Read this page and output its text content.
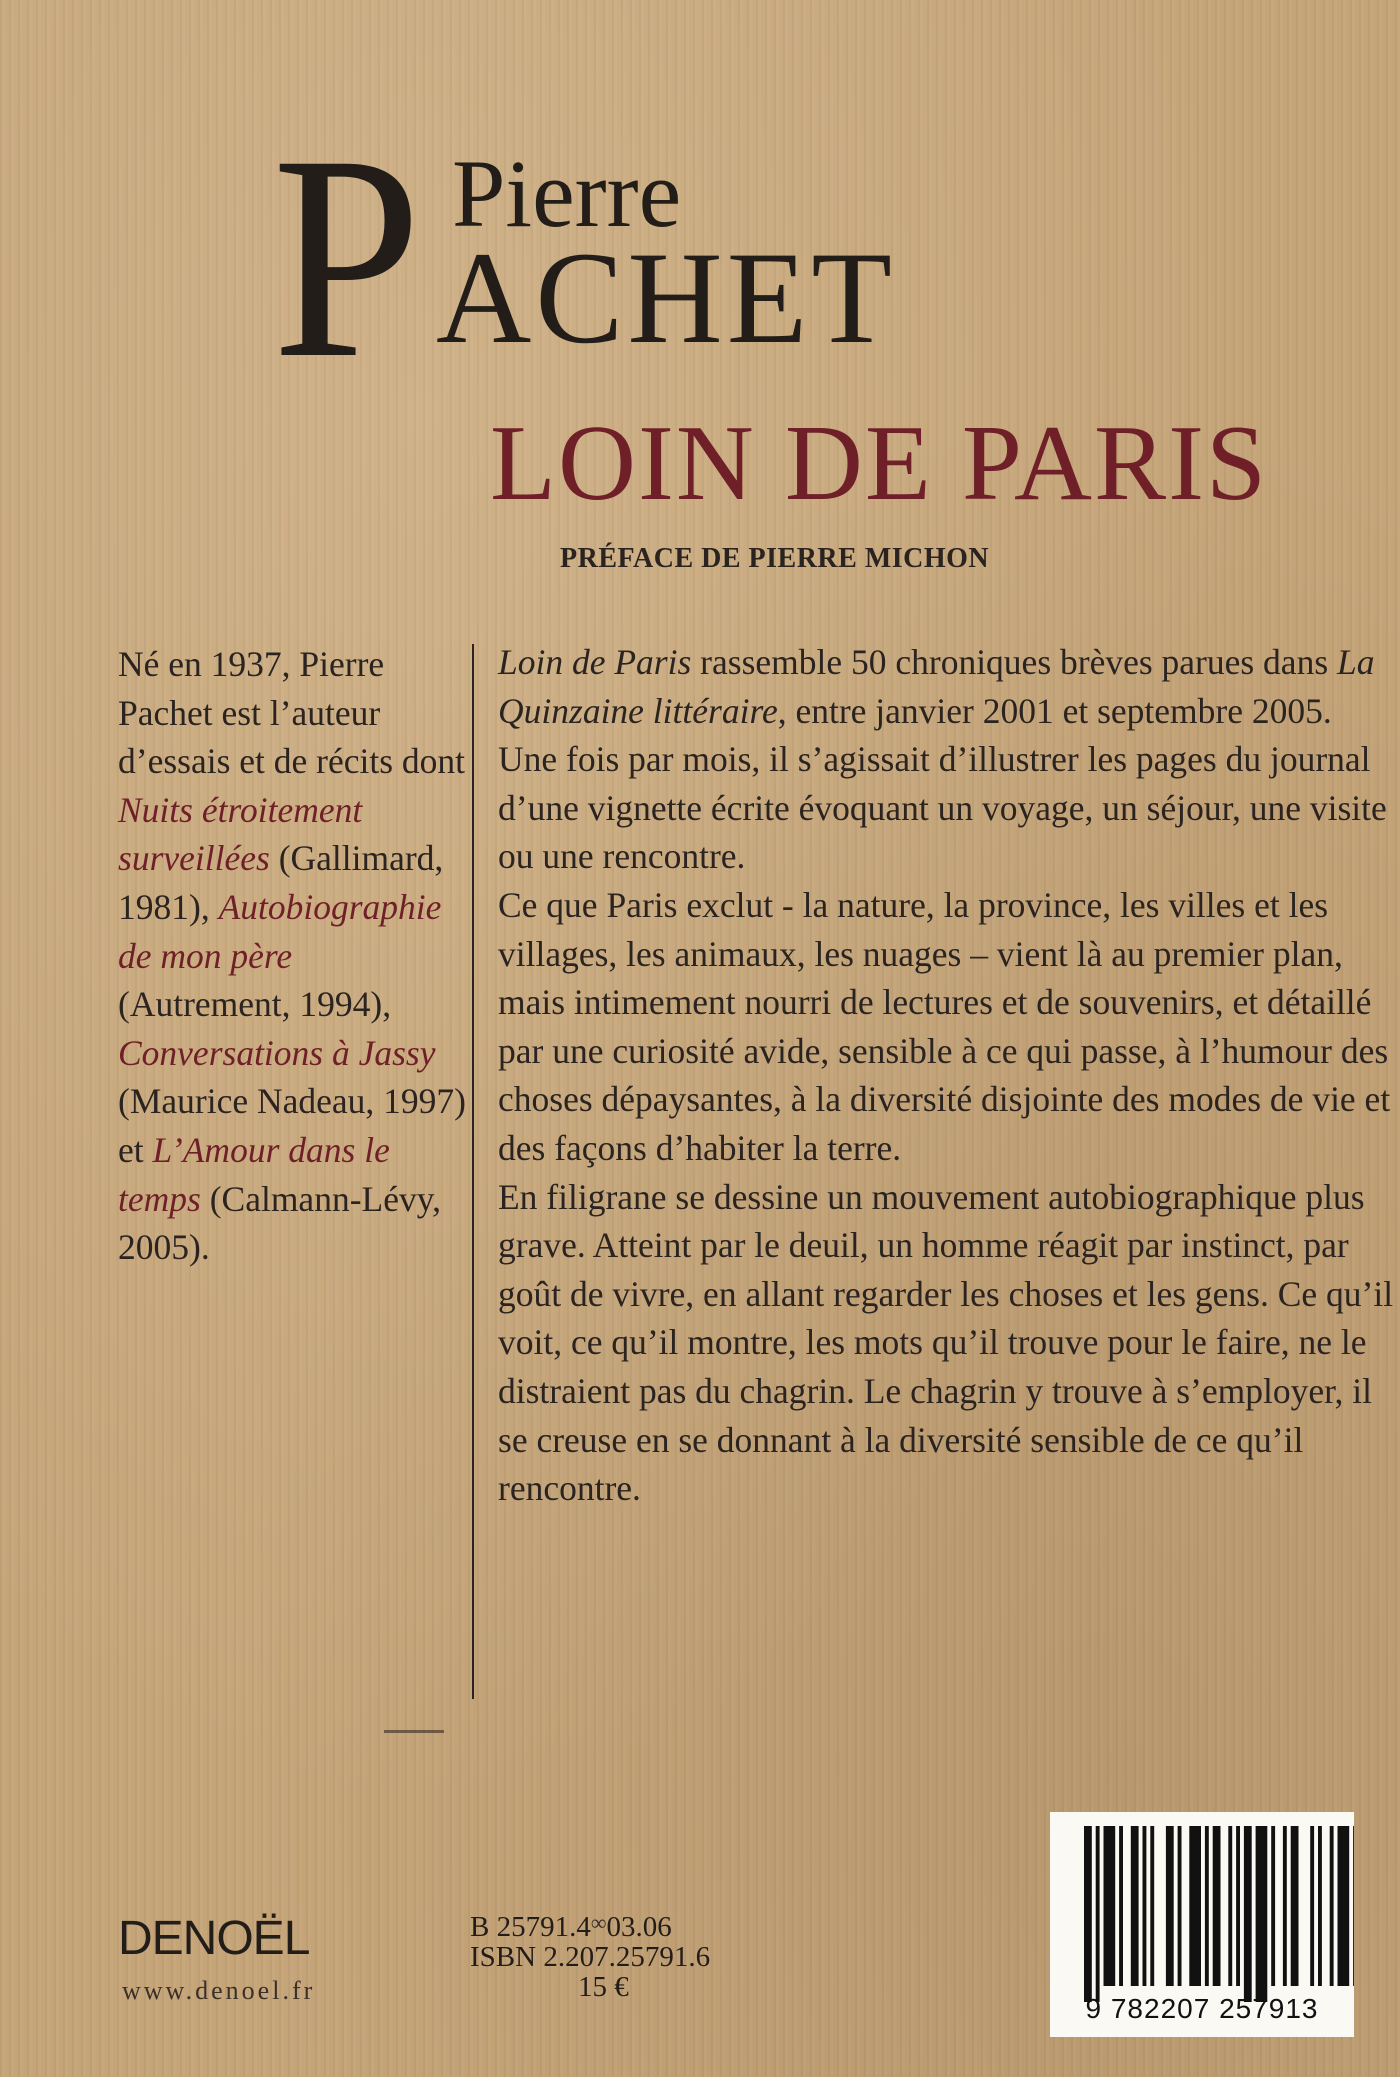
P Pierre
ACHET
LOIN DE PARIS
PRÉFACE DE PIERRE MICHON

Né en 1937, Pierre Pachet est l’auteur d’essais et de récits dont Nuits étroitement surveillées (Gallimard, 1981), Autobiographie de mon père (Autrement, 1994), Conversations à Jassy (Maurice Nadeau, 1997) et L’Amour dans le temps (Calmann-Lévy, 2005).

Loin de Paris rassemble 50 chroniques brèves parues dans La Quinzaine littéraire, entre janvier 2001 et septembre 2005. Une fois par mois, il s’agissait d’illustrer les pages du journal d’une vignette écrite évoquant un voyage, un séjour, une visite ou une rencontre.

Ce que Paris exclut - la nature, la province, les villes et les villages, les animaux, les nuages – vient là au premier plan, mais intimement nourri de lectures et de souvenirs, et détaillé par une curiosité avide, sensible à ce qui passe, à l’humour des choses dépaysantes, à la diversité disjointe des modes de vie et des façons d’habiter la terre.

En filigrane se dessine un mouvement autobiographique plus grave. Atteint par le deuil, un homme réagit par instinct, par goût de vivre, en allant regarder les choses et les gens. Ce qu’il voit, ce qu’il montre, les mots qu’il trouve pour le faire, ne le distraient pas du chagrin. Le chagrin y trouve à s’employer, il se creuse en se donnant à la diversité sensible de ce qu’il rencontre.

DENOËL
www.denoel.fr
B 25791.4∞03.06
ISBN 2.207.25791.6
15 €
9 782207 257913
